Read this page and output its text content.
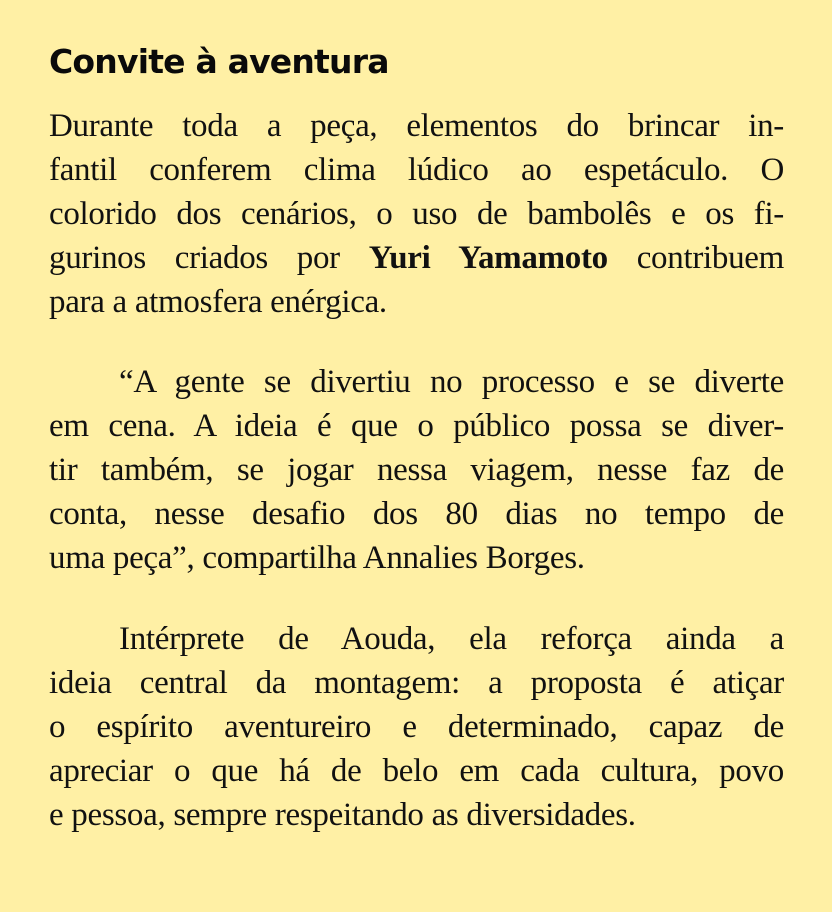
Convite à aventura
Durante toda a peça, elementos do brincar in-
fantil conferem clima lúdico ao espetáculo. O
colorido dos cenários, o uso de bambolês e os fi-
gurinos criados por Yuri Yamamoto contribuem
para a atmosfera enérgica.
“A gente se divertiu no processo e se diverte
em cena. A ideia é que o público possa se diver-
tir também, se jogar nessa viagem, nesse faz de
conta, nesse desafio dos 80 dias no tempo de
uma peça”, compartilha Annalies Borges.
Intérprete de Aouda, ela reforça ainda a
ideia central da montagem: a proposta é atiçar
o espírito aventureiro e determinado, capaz de
apreciar o que há de belo em cada cultura, povo
e pessoa, sempre respeitando as diversidades.
